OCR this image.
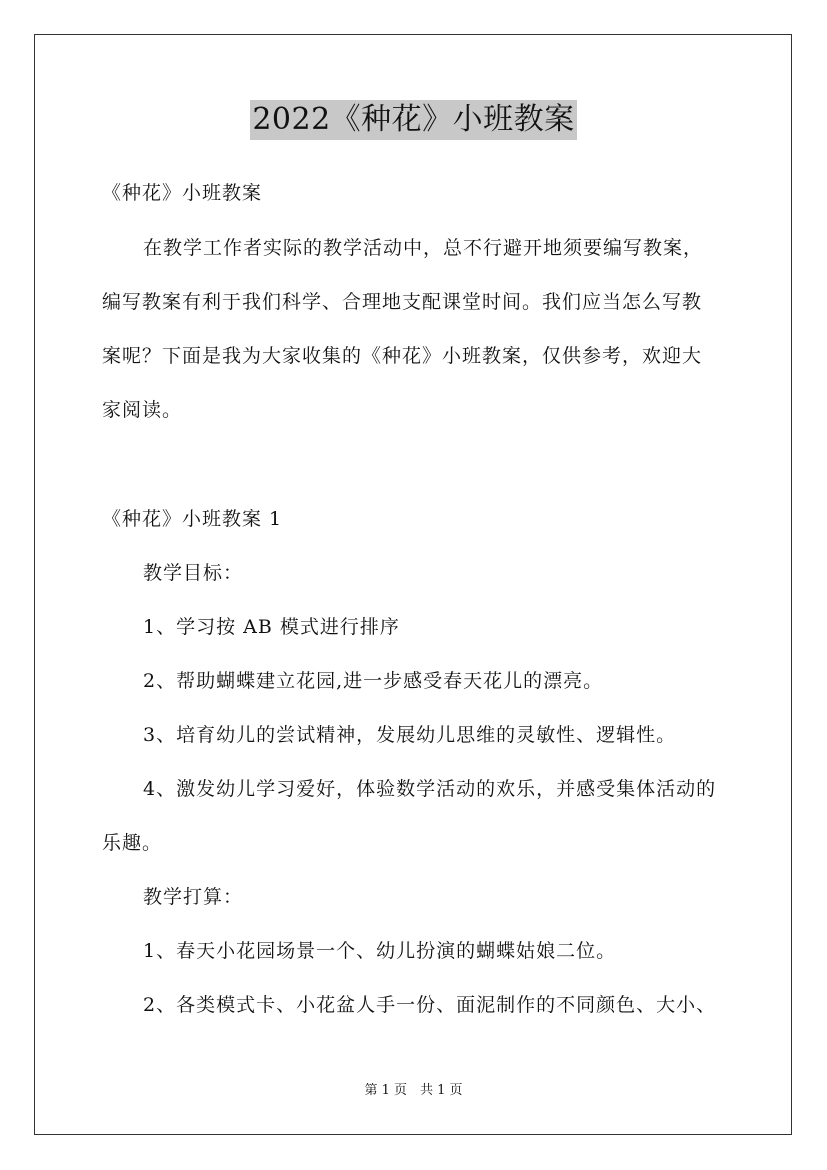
2022《种花》小班教案
《种花》小班教案
在教学工作者实际的教学活动中，总不行避开地须要编写教案，
编写教案有利于我们科学、合理地支配课堂时间。我们应当怎么写教
案呢？下面是我为大家收集的《种花》小班教案，仅供参考，欢迎大
家阅读。
《种花》小班教案 1
教学目标：
1、学习按 AB 模式进行排序
2、帮助蝴蝶建立花园,进一步感受春天花儿的漂亮。
3、培育幼儿的尝试精神，发展幼儿思维的灵敏性、逻辑性。
4、激发幼儿学习爱好，体验数学活动的欢乐，并感受集体活动的
乐趣。
教学打算：
1、春天小花园场景一个、幼儿扮演的蝴蝶姑娘二位。
2、各类模式卡、小花盆人手一份、面泥制作的不同颜色、大小、
第 1 页　共 1 页
